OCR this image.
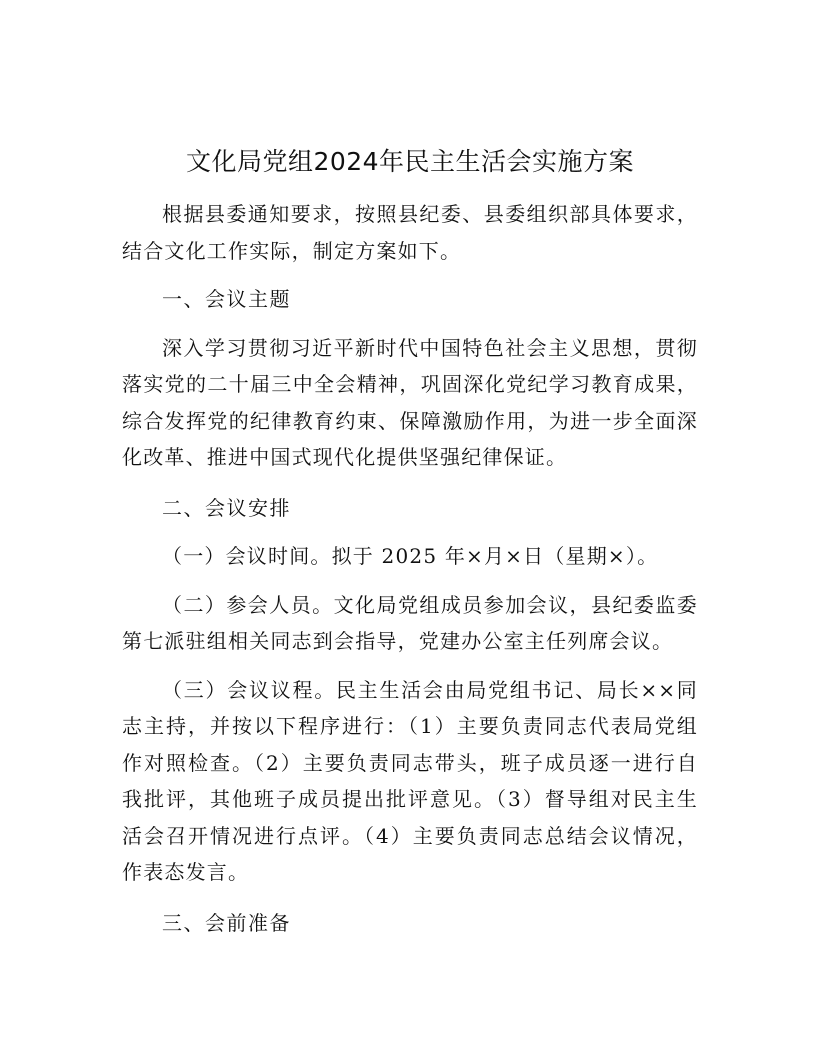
文化局党组2024年民主生活会实施方案

根据县委通知要求，按照县纪委、县委组织部具体要求，结合文化工作实际，制定方案如下。

一、会议主题

深入学习贯彻习近平新时代中国特色社会主义思想，贯彻落实党的二十届三中全会精神，巩固深化党纪学习教育成果，综合发挥党的纪律教育约束、保障激励作用，为进一步全面深化改革、推进中国式现代化提供坚强纪律保证。

二、会议安排

（一）会议时间。拟于 2025 年×月×日（星期×）。

（二）参会人员。文化局党组成员参加会议，县纪委监委第七派驻组相关同志到会指导，党建办公室主任列席会议。

（三）会议议程。民主生活会由局党组书记、局长××同志主持，并按以下程序进行：（1）主要负责同志代表局党组作对照检查。（2）主要负责同志带头，班子成员逐一进行自我批评，其他班子成员提出批评意见。（3）督导组对民主生活会召开情况进行点评。（4）主要负责同志总结会议情况，作表态发言。

三、会前准备
